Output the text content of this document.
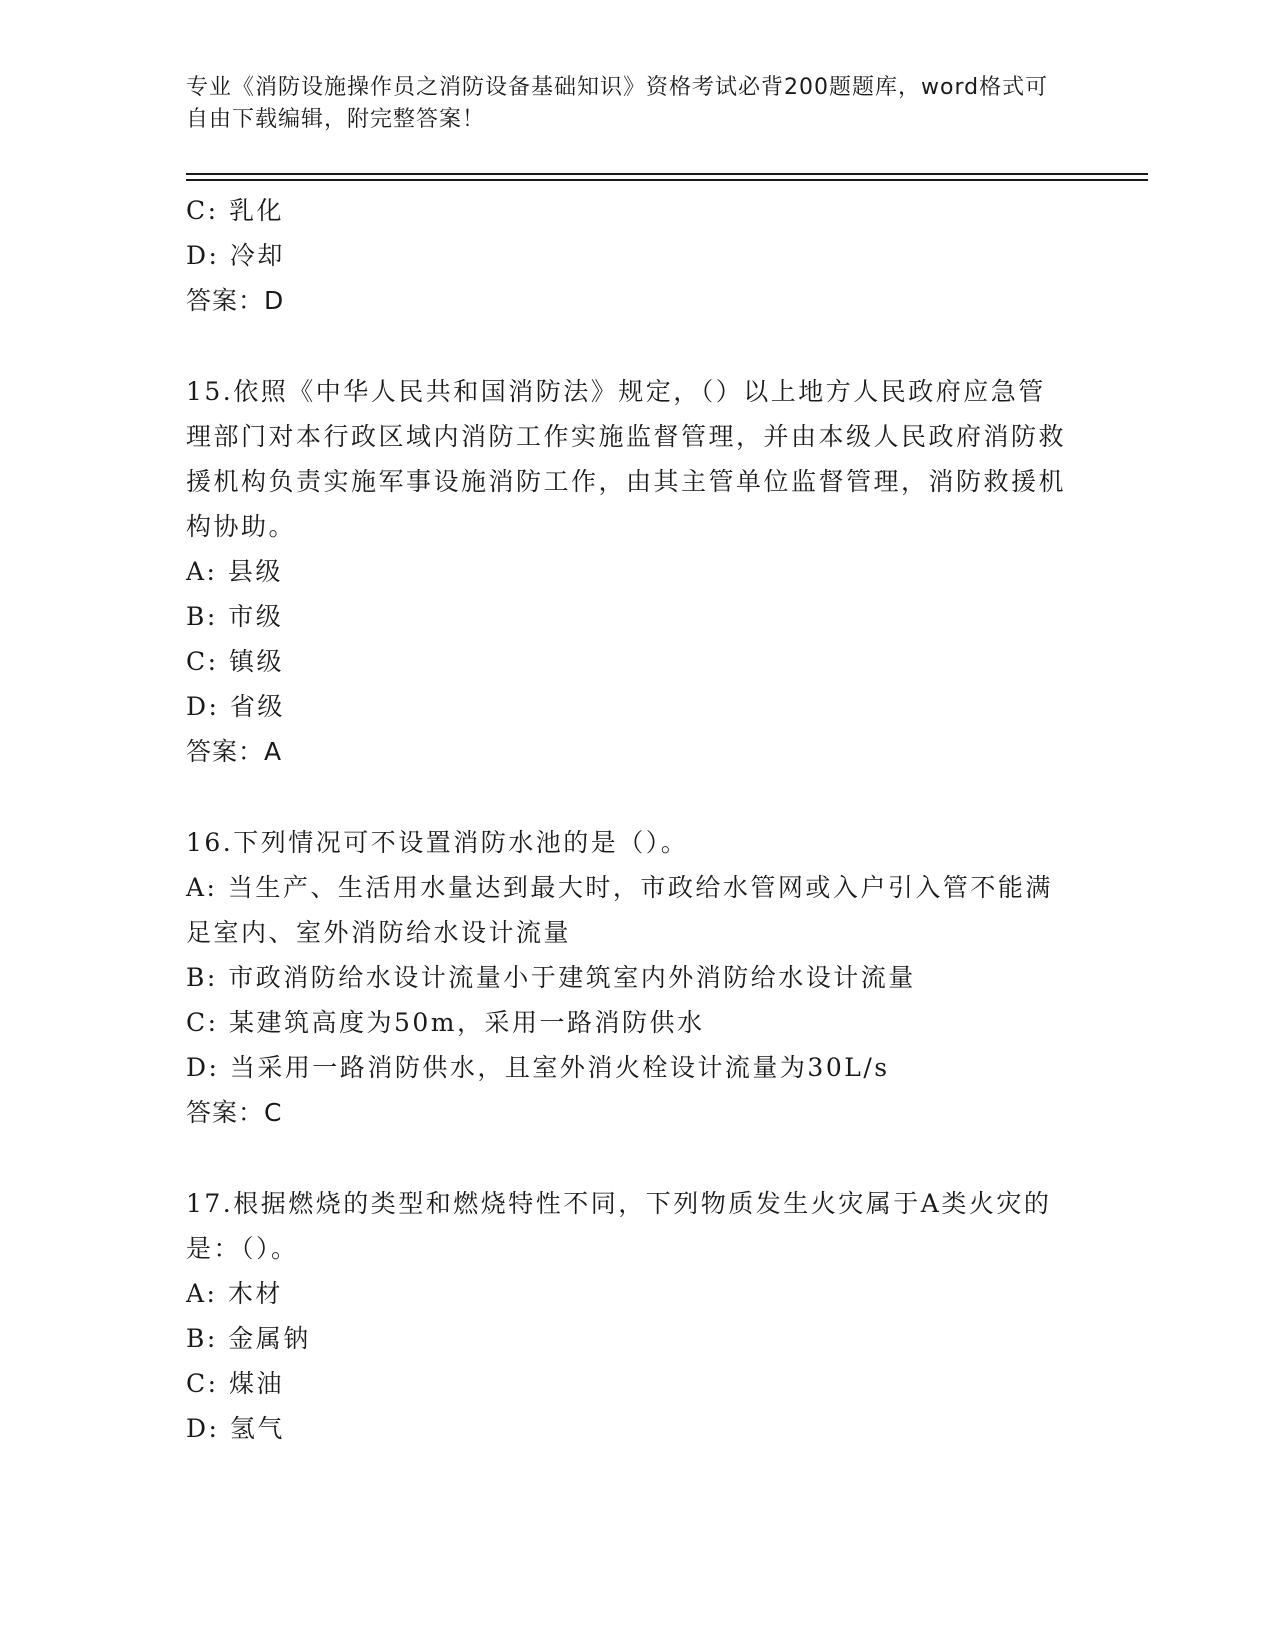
专业《消防设施操作员之消防设备基础知识》资格考试必背200题题库，word格式可自由下载编辑，附完整答案！
C: 乳化
D: 冷却
答案：D
15.依照《中华人民共和国消防法》规定，（）以上地方人民政府应急管理部门对本行政区域内消防工作实施监督管理，并由本级人民政府消防救援机构负责实施军事设施消防工作，由其主管单位监督管理，消防救援机构协助。
A: 县级
B: 市级
C: 镇级
D: 省级
答案：A
16.下列情况可不设置消防水池的是（）。
A: 当生产、生活用水量达到最大时，市政给水管网或入户引入管不能满足室内、室外消防给水设计流量
B: 市政消防给水设计流量小于建筑室内外消防给水设计流量
C: 某建筑高度为50m，采用一路消防供水
D: 当采用一路消防供水，且室外消火栓设计流量为30L/s
答案：C
17.根据燃烧的类型和燃烧特性不同，下列物质发生火灾属于A类火灾的是：（）。
A: 木材
B: 金属钠
C: 煤油
D: 氢气
